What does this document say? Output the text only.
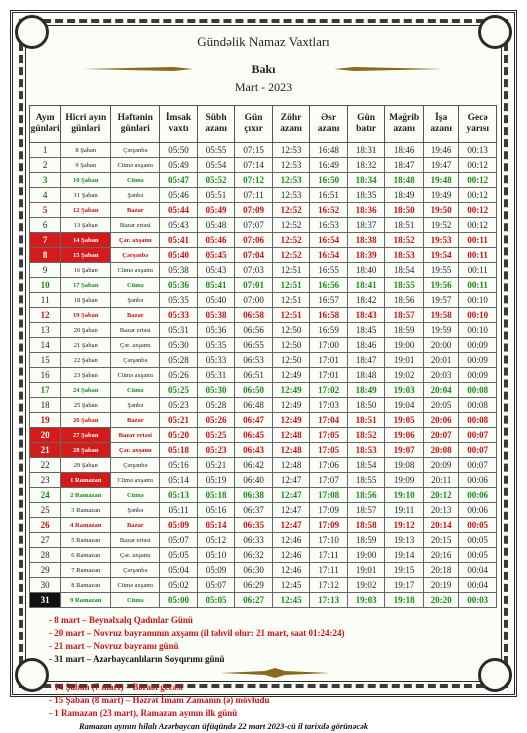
Gündəlik Namaz Vaxtları
Bakı
Mart - 2023
Ayın günləri	Hicri ayın günləri	Həftənin günləri	İmsak vaxtı	Sübh azanı	Gün çıxır	Zöhr azanı	Əsr azanı	Gün batır	Məğrib azanı	İşa azanı	Gecə yarısı
1	8 Şaban	Çərşənbə	05:50	05:55	07:15	12:53	16:48	18:31	18:46	19:46	00:13
2	9 Şaban	Cümə axşamı	05:49	05:54	07:14	12:53	16:49	18:32	18:47	19:47	00:12
3	10 Şaban	Cümə	05:47	05:52	07:12	12:53	16:50	18:34	18:48	19:48	00:12
4	11 Şaban	Şənbə	05:46	05:51	07:11	12:53	16:51	18:35	18:49	19:49	00:12
5	12 Şaban	Bazar	05:44	05:49	07:09	12:52	16:52	18:36	18:50	19:50	00:12
6	13 Şaban	Bazar ertəsi	05:43	05:48	07:07	12:52	16:53	18:37	18:51	19:52	00:12
7	14 Şaban	Çər. axşamı	05:41	05:46	07:06	12:52	16:54	18:38	18:52	19:53	00:11
8	15 Şaban	Çərşənbə	05:40	05:45	07:04	12:52	16:54	18:39	18:53	19:54	00:11
9	16 Şaban	Cümə axşamı	05:38	05:43	07:03	12:51	16:55	18:40	18:54	19:55	00:11
10	17 Şaban	Cümə	05:36	05:41	07:01	12:51	16:56	18:41	18:55	19:56	00:11
11	18 Şaban	Şənbə	05:35	05:40	07:00	12:51	16:57	18:42	18:56	19:57	00:10
12	19 Şaban	Bazar	05:33	05:38	06:58	12:51	16:58	18:43	18:57	19:58	00:10
13	20 Şaban	Bazar ertəsi	05:31	05:36	06:56	12:50	16:59	18:45	18:59	19:59	00:10
14	21 Şaban	Çər. axşamı	05:30	05:35	06:55	12:50	17:00	18:46	19:00	20:00	00:09
15	22 Şaban	Çərşənbə	05:28	05:33	06:53	12:50	17:01	18:47	19:01	20:01	00:09
16	23 Şaban	Cümə axşamı	05:26	05:31	06:51	12:49	17:01	18:48	19:02	20:03	00:09
17	24 Şaban	Cümə	05:25	05:30	06:50	12:49	17:02	18:49	19:03	20:04	00:08
18	25 Şaban	Şənbə	05:23	05:28	06:48	12:49	17:03	18:50	19:04	20:05	00:08
19	26 Şaban	Bazar	05:21	05:26	06:47	12:49	17:04	18:51	19:05	20:06	00:08
20	27 Şaban	Bazar ertəsi	05:20	05:25	06:45	12:48	17:05	18:52	19:06	20:07	00:07
21	28 Şaban	Çər. axşamı	05:18	05:23	06:43	12:48	17:05	18:53	19:07	20:08	00:07
22	29 Şaban	Çərşənbə	05:16	05:21	06:42	12:48	17:06	18:54	19:08	20:09	00:07
23	1 Ramazan	Cümə axşamı	05:14	05:19	06:40	12:47	17:07	18:55	19:09	20:11	00:06
24	2 Ramazan	Cümə	05:13	05:18	06:38	12:47	17:08	18:56	19:10	20:12	00:06
25	3 Ramazan	Şənbə	05:11	05:16	06:37	12:47	17:09	18:57	19:11	20:13	00:06
26	4 Ramazan	Bazar	05:09	05:14	06:35	12:47	17:09	18:58	19:12	20:14	00:05
27	5 Ramazan	Bazar ertəsi	05:07	05:12	06:33	12:46	17:10	18:59	19:13	20:15	00:05
28	6 Ramazan	Çər. axşamı	05:05	05:10	06:32	12:46	17:11	19:00	19:14	20:16	00:05
29	7 Ramazan	Çərşənbə	05:04	05:09	06:30	12:46	17:11	19:01	19:15	20:18	00:04
30	8 Ramazan	Cümə axşamı	05:02	05:07	06:29	12:45	17:12	19:02	19:17	20:19	00:04
31	9 Ramazan	Cümə	05:00	05:05	06:27	12:45	17:13	19:03	19:18	20:20	00:03
- 8 mart – Beynəlxalq Qadınlar Günü
- 20 mart – Novruz bayramının axşamı (il təhvil olur: 21 mart, saat 01:24:24)
- 21 mart – Novruz bayramı günü
- 31 mart – Azərbaycanlıların Soyqırımı günü
- 14 Şaban (7 mart) – Bəraət gecəsi
- 15 Şaban (8 mart) – Həzrət İmam Zamanın (ə) mövludu
- 1 Ramazan (23 mart), Ramazan ayının ilk günü
Ramazan ayının hilalı Azərbaycan üfüqündə 22 mart 2023-cü il tarixdə görünəcək
